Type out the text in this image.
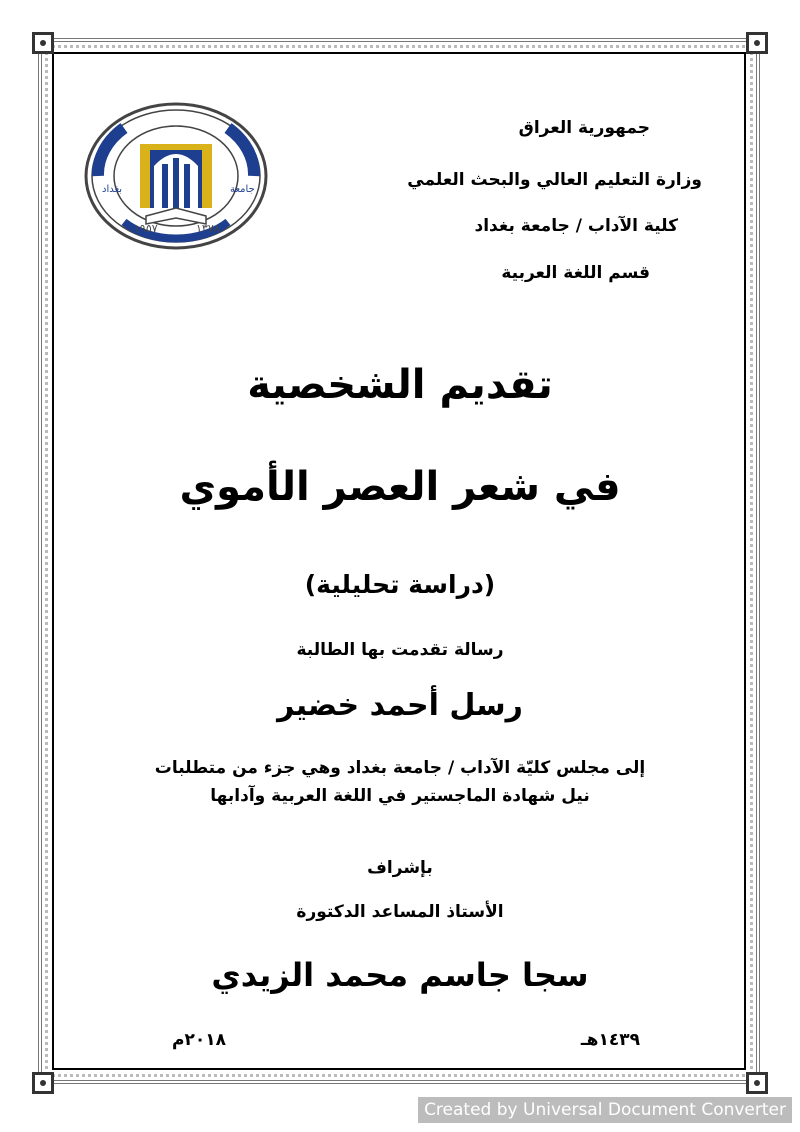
١٩٥٧	١٣٧٨
بغداد	جامعة
جمهورية العراق
وزارة التعليم العالي والبحث العلمي
كلية الآداب / جامعة بغداد
قسم اللغة العربية
تقديم الشخصية
في شعر العصر الأموي
(دراسة تحليلية)
رسالة تقدمت بها الطالبة
رسل أحمد خضير
إلى مجلس كليّة الآداب / جامعة بغداد وهي جزء من متطلبات
نيل شهادة الماجستير في اللغة العربية وآدابها
بإشراف
الأستاذ المساعد الدكتورة
سجا جاسم محمد الزيدي
١٤٣٩هـ
٢٠١٨م
Created by Universal Document Converter
